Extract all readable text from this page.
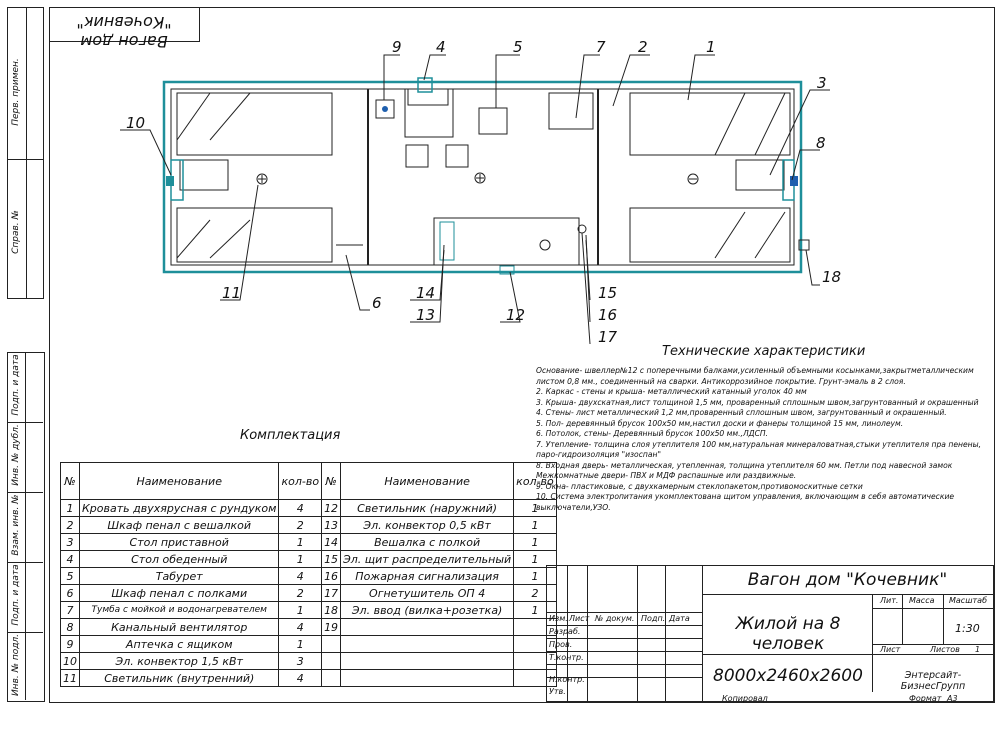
Вагон дом "Кочевник"
Перв. примен.
Справ. №
Подп. и дата
Инв. № дубл.
Взам. инв. №
Подп. и дата
Инв. № подл.
1
2
3
4	5
6
7
8
9
10
11
12
13
14	15
16
17
18
Комплектация
№	Наименование	кол-во	№	Наименование	кол-во
1	Кровать двухярусная с рундуком	4	12	Светильник (наружний)	1
2	Шкаф пенал с вешалкой	2	13	Эл. конвектор 0,5 кВт	1
3	Стол приставной	1	14	Вешалка с полкой	1
4	Стол обеденный	1	15	Эл. щит распределительный	1
5	Табурет	4	16	Пожарная сигнализация	1
6	Шкаф пенал с полками	2	17	Огнетушитель ОП 4	2
7	Тумба с мойкой и водонагревателем	1	18	Эл. ввод (вилка+розетка)	1
8	Канальный вентилятор	4	19		
9	Аптечка с ящиком	1			
10	Эл. конвектор 1,5 кВт	3			
11	Светильник (внутренний)	4			
Технические характеристики

Основание- швеллер№12 с поперечными балками,усиленный объемными косынками,закрытметаллическим листом 0,8 мм., соединенный на сварки. Антикоррозийное покрытие. Грунт-эмаль в 2 слоя.

2. Каркас - стены и крыша- металлический катанный уголок 40 мм

3. Крыша- двухскатная,лист толщиной 1,5 мм, проваренный сплошным швом,загрунтованный и окрашенный

4. Стены- лист металлический 1,2 мм,проваренный сплошным швом, загрунтованный и окрашенный.

5. Пол- деревянный брусок 100х50 мм,настил доски и фанеры толщиной 15 мм, линолеум.

6. Потолок, стены- Деревянный брусок 100х50 мм.,ЛДСП.

7. Утепление- толщина слоя утеплителя 100 мм,натуральная минераловатная,стыки утеплителя пра пенены, паро-гидроизоляция "изоспан"

8. Входная дверь- металлическая, утепленная, толщина утеплителя 60 мм. Петли под навесной замок Межкомнатные двери- ПВХ и МДФ распашные или раздвижные.

9. Окна- пластиковые, с двухкамерным стеклопакетом,противомоскитные сетки

10. Система электропитания укомплектована щитом управления, включающим в себя автоматические выключатели,УЗО.

Изм. Лист № докум. Подп. Дата
Разраб.
Пров.
Т.контр.
Н.контр.
Утв.
Вагон дом "Кочевник"
Жилой на 8 человек
8000х2460х2600
Лит. Масса Масштаб
1:30
Лист	Листов 1
Энтерсайт-БизнесГрупп
Копировал	Формат А3
